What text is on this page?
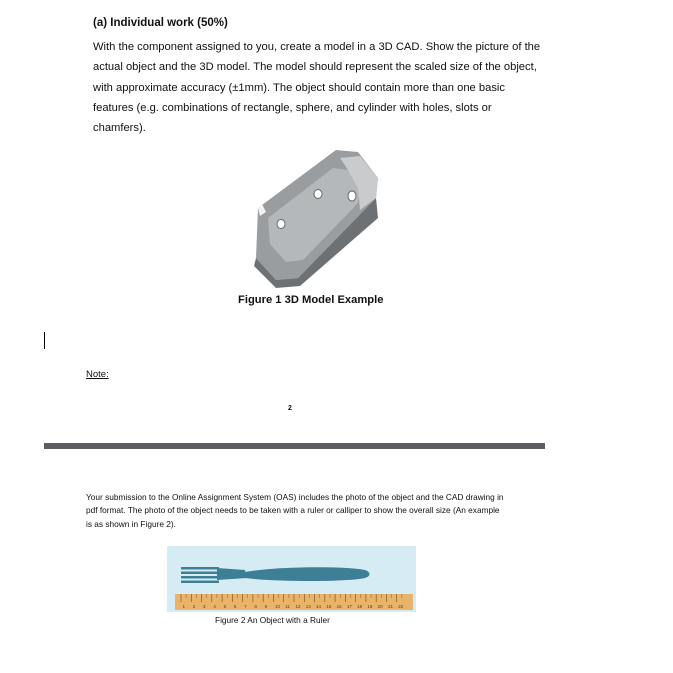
(a) Individual work (50%)
With the component assigned to you, create a model in a 3D CAD. Show the picture of the actual object and the 3D model. The model should represent the scaled size of the object, with approximate accuracy (±1mm). The object should contain more than one basic features (e.g. combinations of rectangle, sphere, and cylinder with holes, slots or chamfers).
Figure 1 3D Model Example
Note:
2
Your submission to the Online Assignment System (OAS) includes the photo of the object and the CAD drawing in pdf format. The photo of the object needs to be taken with a ruler or calliper to show the overall size (An example is as shown in Figure 2).
1 2 3 4 5 6 7 8 9 10 11 12 13 14 15 16 17 18 19 20 21 22
Figure 2 An Object with a Ruler
